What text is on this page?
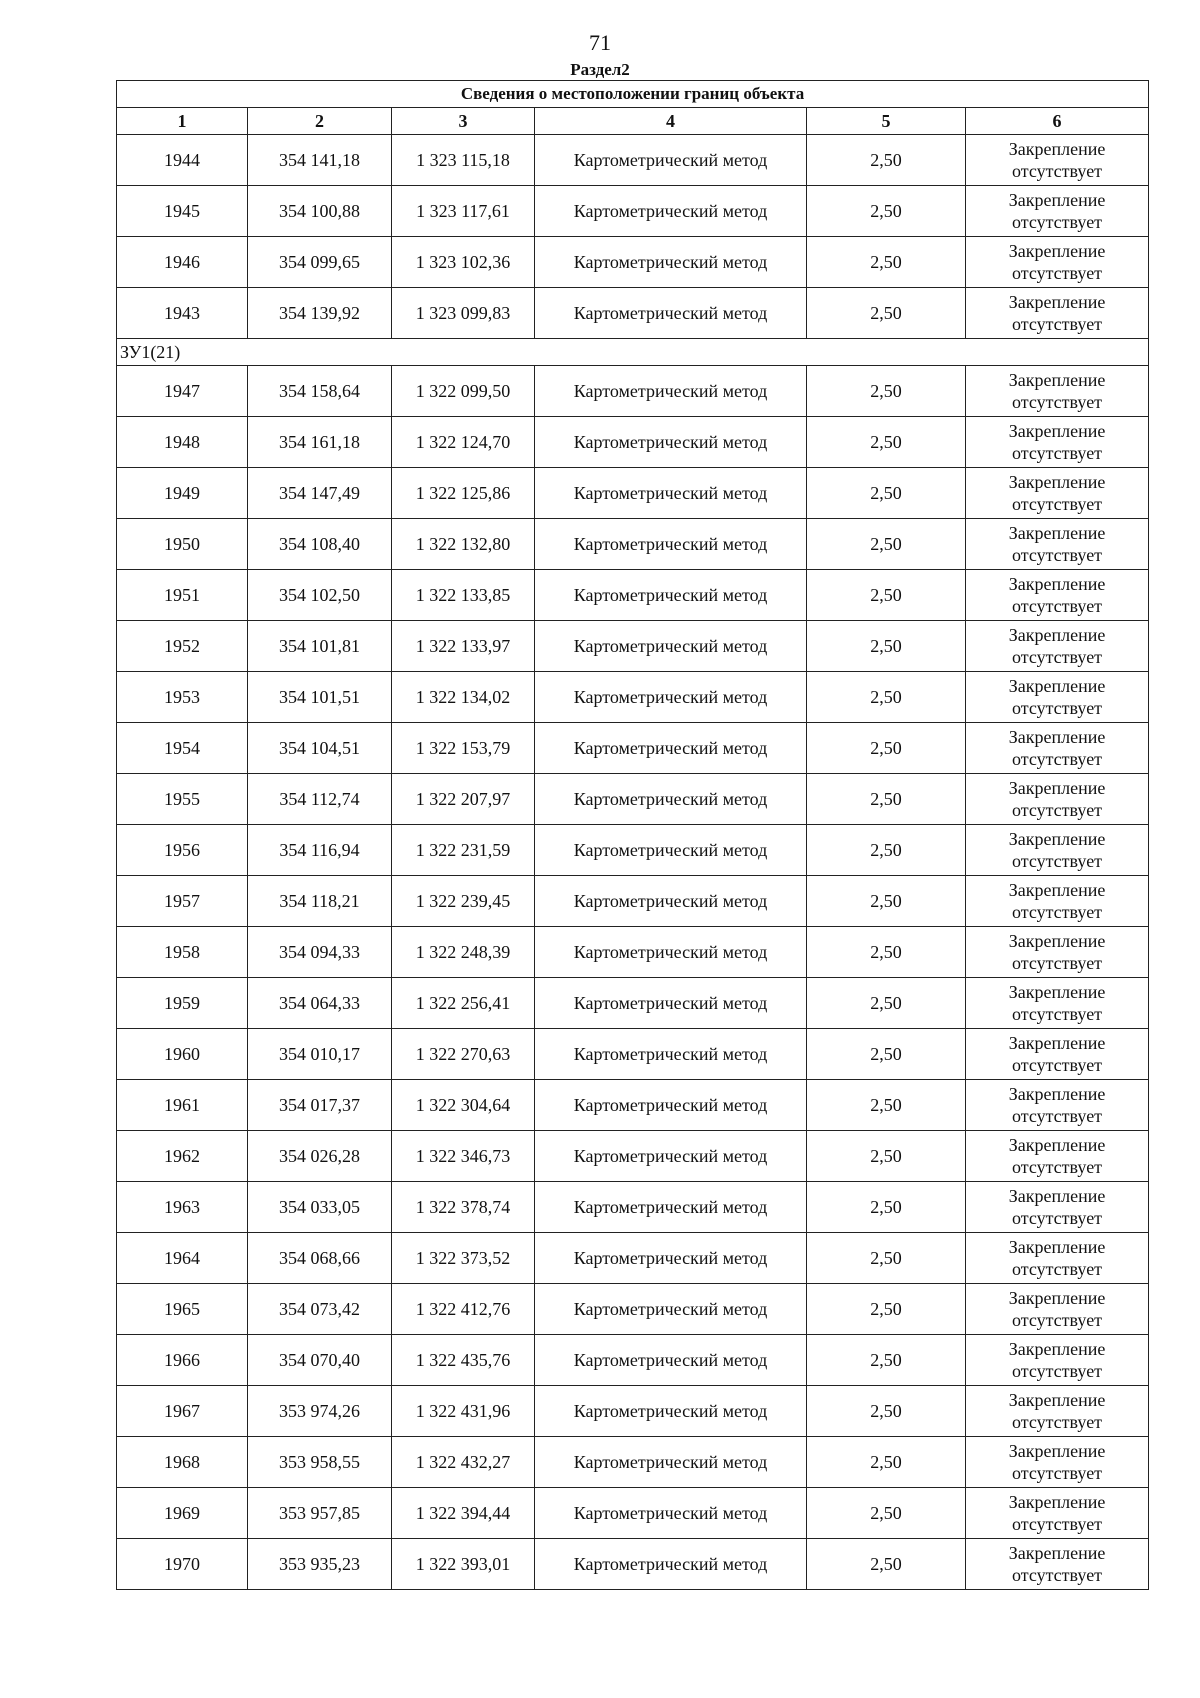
71
Раздел2
Сведения о местоположении границ объекта					
1	2	3	4	5	6
1944	354 141,18	1 323 115,18	Картометрический метод	2,50	Закрепление
отсутствует

1945	354 100,88	1 323 117,61	Картометрический метод	2,50	Закрепление
отсутствует

1946	354 099,65	1 323 102,36	Картометрический метод	2,50	Закрепление
отсутствует

1943	354 139,92	1 323 099,83	Картометрический метод	2,50	Закрепление
отсутствует

ЗУ1(21)					
1947	354 158,64	1 322 099,50	Картометрический метод	2,50	Закрепление
отсутствует

1948	354 161,18	1 322 124,70	Картометрический метод	2,50	Закрепление
отсутствует

1949	354 147,49	1 322 125,86	Картометрический метод	2,50	Закрепление
отсутствует

1950	354 108,40	1 322 132,80	Картометрический метод	2,50	Закрепление
отсутствует

1951	354 102,50	1 322 133,85	Картометрический метод	2,50	Закрепление
отсутствует

1952	354 101,81	1 322 133,97	Картометрический метод	2,50	Закрепление
отсутствует

1953	354 101,51	1 322 134,02	Картометрический метод	2,50	Закрепление
отсутствует

1954	354 104,51	1 322 153,79	Картометрический метод	2,50	Закрепление
отсутствует

1955	354 112,74	1 322 207,97	Картометрический метод	2,50	Закрепление
отсутствует

1956	354 116,94	1 322 231,59	Картометрический метод	2,50	Закрепление
отсутствует

1957	354 118,21	1 322 239,45	Картометрический метод	2,50	Закрепление
отсутствует

1958	354 094,33	1 322 248,39	Картометрический метод	2,50	Закрепление
отсутствует

1959	354 064,33	1 322 256,41	Картометрический метод	2,50	Закрепление
отсутствует

1960	354 010,17	1 322 270,63	Картометрический метод	2,50	Закрепление
отсутствует

1961	354 017,37	1 322 304,64	Картометрический метод	2,50	Закрепление
отсутствует

1962	354 026,28	1 322 346,73	Картометрический метод	2,50	Закрепление
отсутствует

1963	354 033,05	1 322 378,74	Картометрический метод	2,50	Закрепление
отсутствует

1964	354 068,66	1 322 373,52	Картометрический метод	2,50	Закрепление
отсутствует

1965	354 073,42	1 322 412,76	Картометрический метод	2,50	Закрепление
отсутствует

1966	354 070,40	1 322 435,76	Картометрический метод	2,50	Закрепление
отсутствует

1967	353 974,26	1 322 431,96	Картометрический метод	2,50	Закрепление
отсутствует

1968	353 958,55	1 322 432,27	Картометрический метод	2,50	Закрепление
отсутствует

1969	353 957,85	1 322 394,44	Картометрический метод	2,50	Закрепление
отсутствует

1970	353 935,23	1 322 393,01	Картометрический метод	2,50	Закрепление
отсутствует
